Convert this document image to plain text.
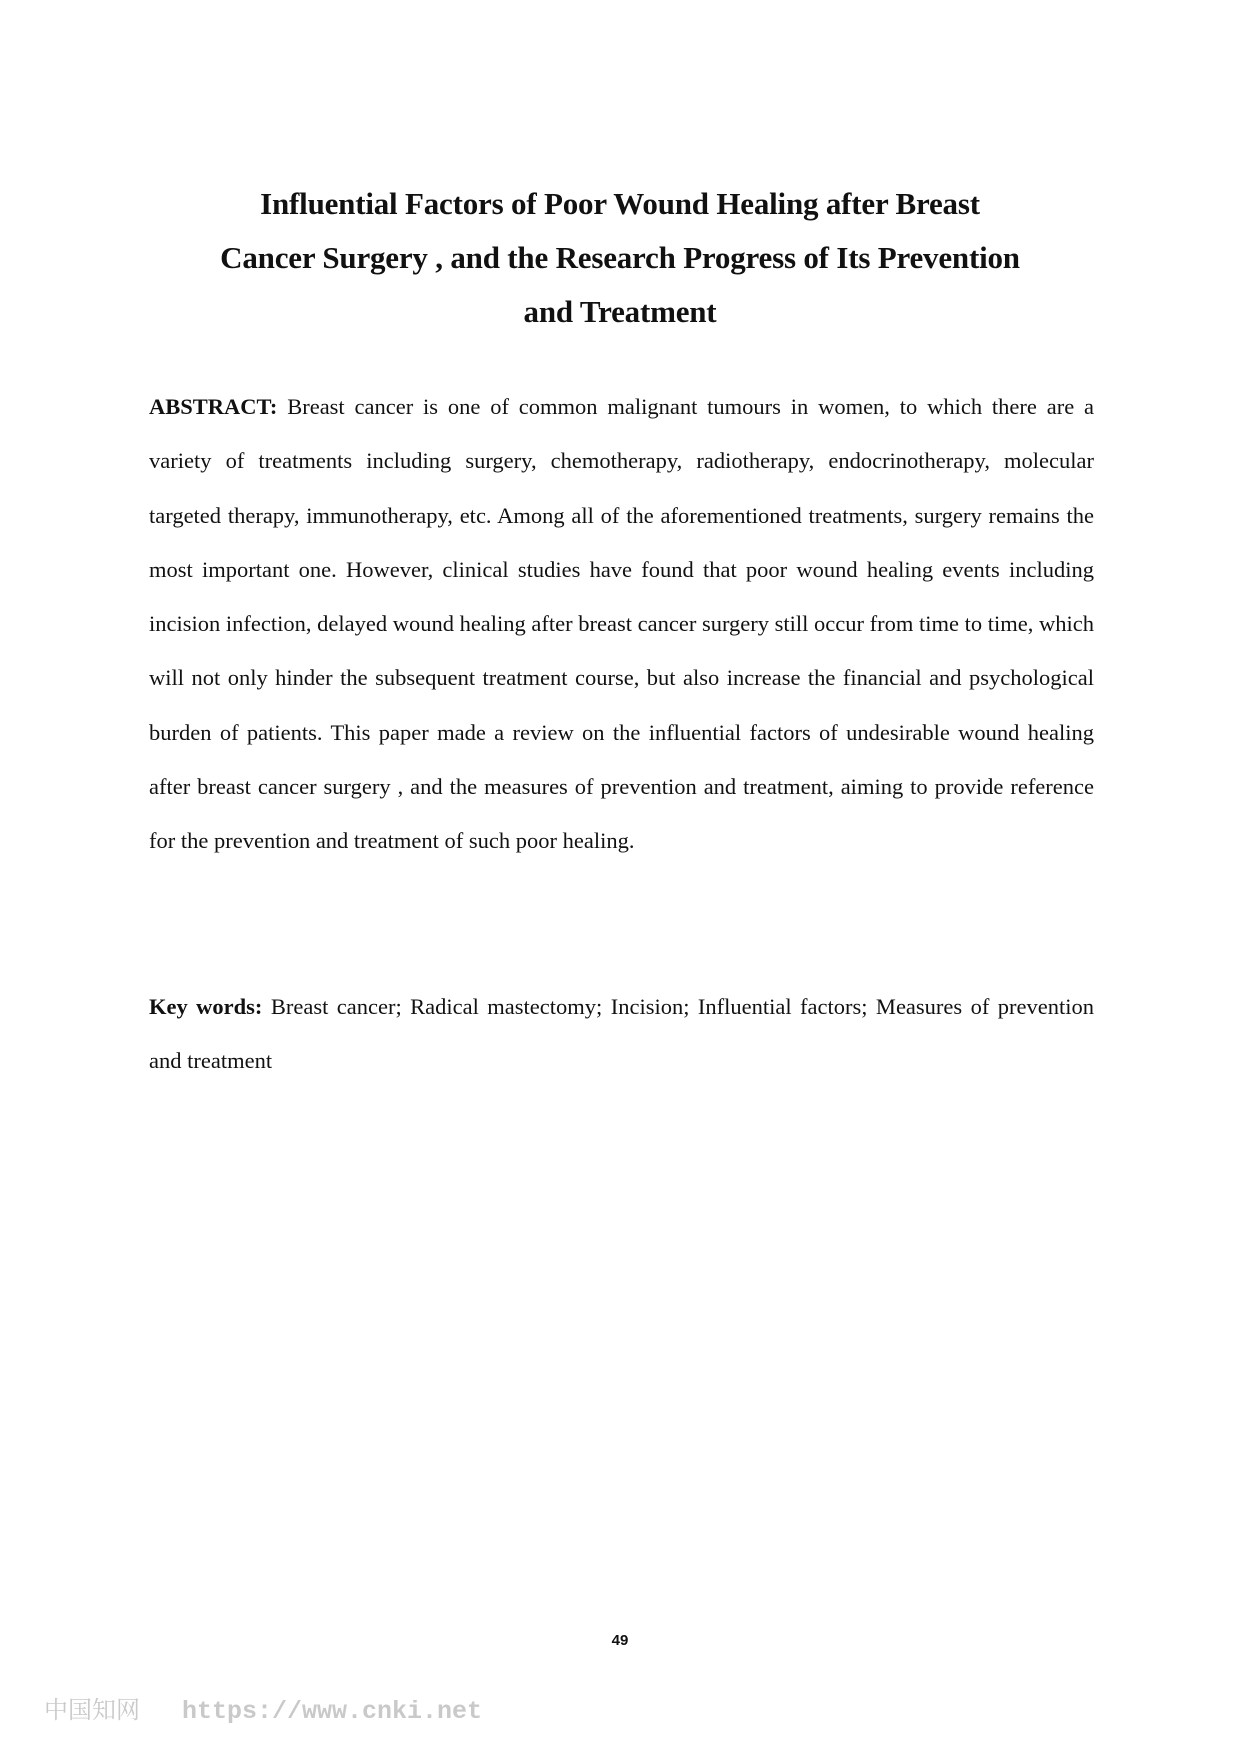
Influential Factors of Poor Wound Healing after Breast
Cancer Surgery , and the Research Progress of Its Prevention
and Treatment

ABSTRACT: Breast cancer is one of common malignant tumours in women, to which there are a variety of treatments including surgery, chemotherapy, radiotherapy, endocrinotherapy, molecular targeted therapy, immunotherapy, etc. Among all of the aforementioned treatments, surgery remains the most important one. However, clinical studies have found that poor wound healing events including incision infection, delayed wound healing after breast cancer surgery still occur from time to time, which will not only hinder the subsequent treatment course, but also increase the financial and psychological burden of patients. This paper made a review on the influential factors of undesirable wound healing after breast cancer surgery , and the measures of prevention and treatment, aiming to provide reference for the prevention and treatment of such poor healing.

Key words: Breast cancer; Radical mastectomy; Incision; Influential factors; Measures of prevention and treatment

49
中国知网 https://www.cnki.net
